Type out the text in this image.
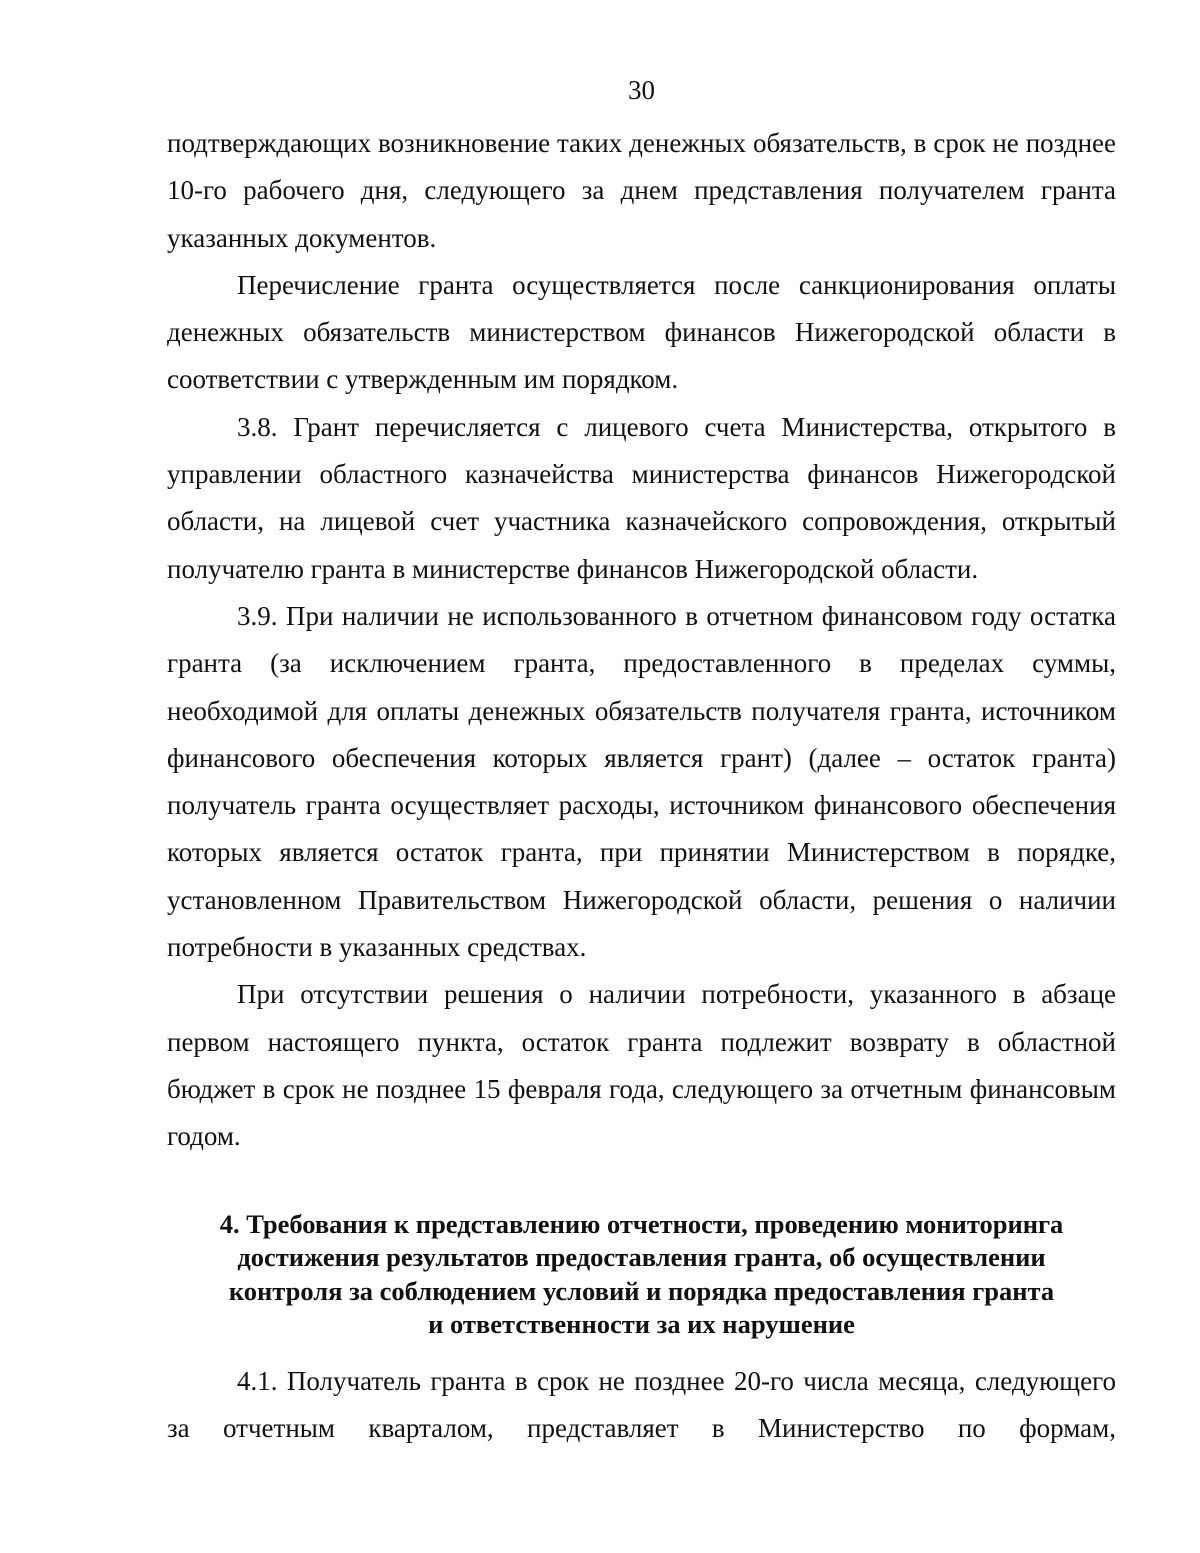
30

подтверждающих возникновение таких денежных обязательств, в срок не позднее 10-го рабочего дня, следующего за днем представления получателем гранта указанных документов.

Перечисление гранта осуществляется после санкционирования оплаты денежных обязательств министерством финансов Нижегородской области в соответствии с утвержденным им порядком.

3.8. Грант перечисляется с лицевого счета Министерства, открытого в управлении областного казначейства министерства финансов Нижегородской области, на лицевой счет участника казначейского сопровождения, открытый получателю гранта в министерстве финансов Нижегородской области.

3.9. При наличии не использованного в отчетном финансовом году остатка гранта (за исключением гранта, предоставленного в пределах суммы, необходимой для оплаты денежных обязательств получателя гранта, источником финансового обеспечения которых является грант) (далее – остаток гранта) получатель гранта осуществляет расходы, источником финансового обеспечения которых является остаток гранта, при принятии Министерством в порядке, установленном Правительством Нижегородской области, решения о наличии потребности в указанных средствах.

При отсутствии решения о наличии потребности, указанного в абзаце первом настоящего пункта, остаток гранта подлежит возврату в областной бюджет в срок не позднее 15 февраля года, следующего за отчетным финансовым годом.

4. Требования к представлению отчетности, проведению мониторинга
достижения результатов предоставления гранта, об осуществлении
контроля за соблюдением условий и порядка предоставления гранта
и ответственности за их нарушение

4.1. Получатель гранта в срок не позднее 20-го числа месяца, следующего за отчетным кварталом, представляет в Министерство по формам,
